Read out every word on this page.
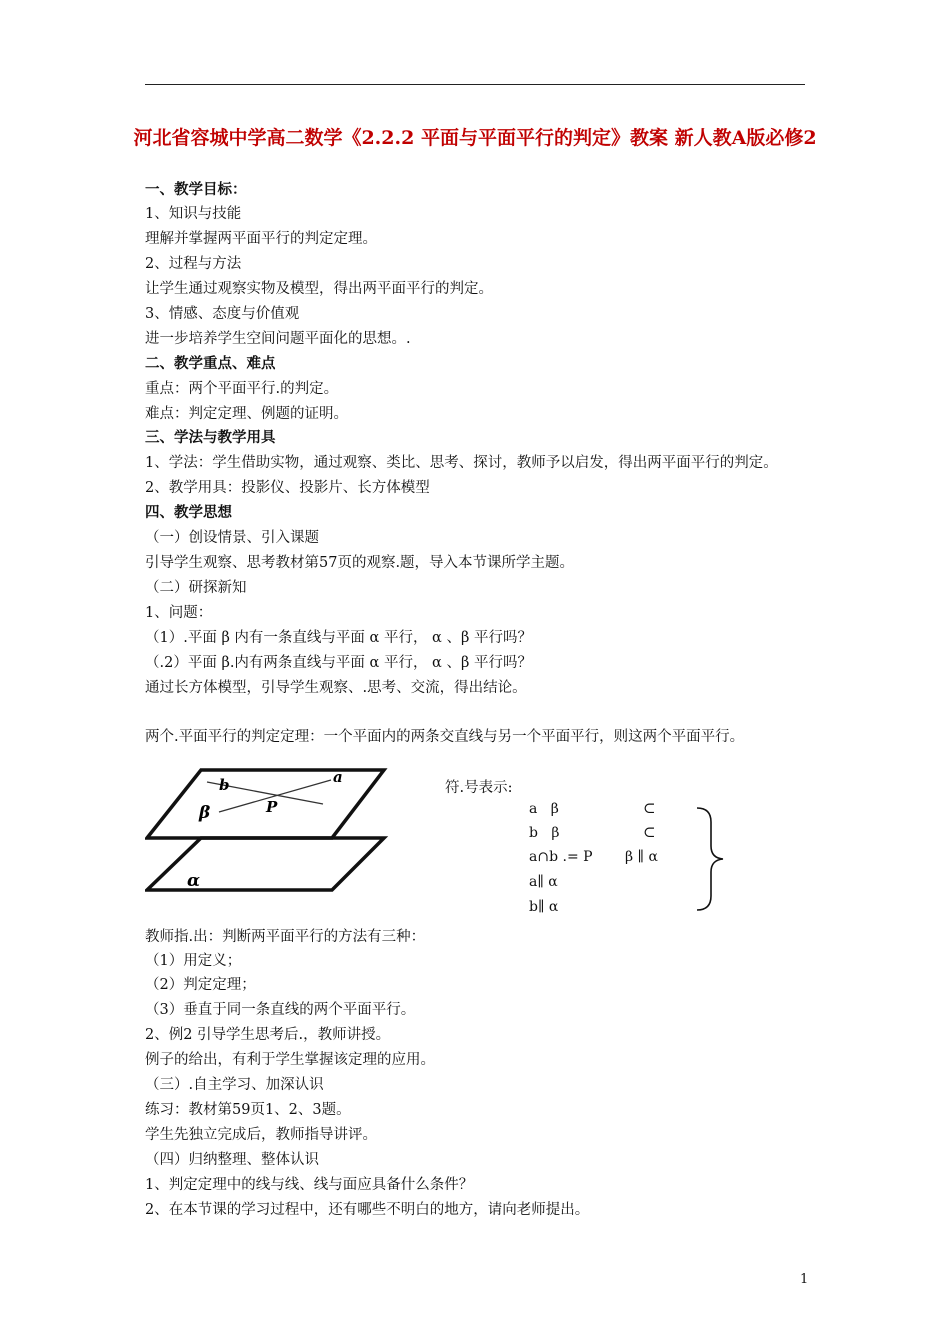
河北省容城中学高二数学《2.2.2 平面与平面平行的判定》教案 新人教A版必修2
一、教学目标：
1、知识与技能
理解并掌握两平面平行的判定定理。
2、过程与方法
让学生通过观察实物及模型，得出两平面平行的判定。
3、情感、态度与价值观
进一步培养学生空间问题平面化的思想。.
二、教学重点、难点
重点：两个平面平行.的判定。
难点：判定定理、例题的证明。
三、学法与教学用具
1、学法：学生借助实物，通过观察、类比、思考、探讨，教师予以启发，得出两平面平行的判定。
2、教学用具：投影仪、投影片、长方体模型
四、教学思想
（一）创设情景、引入课题
引导学生观察、思考教材第57页的观察.题，导入本节课所学主题。
（二）研探新知
1、问题：
（1）.平面 β 内有一条直线与平面 α 平行， α 、β 平行吗？
（.2）平面 β.内有两条直线与平面 α 平行， α 、β 平行吗？
通过长方体模型，引导学生观察、.思考、交流，得出结论。
两个.平面平行的判定定理：一个平面内的两条交直线与另一个平面平行，则这两个平面平行。
教师指.出：判断两平面平行的方法有三种：
（1）用定义；
（2）判定定理；
（3）垂直于同一条直线的两个平面平行。
2、例2 引导学生思考后.，教师讲授。
例子的给出，有利于学生掌握该定理的应用。
（三）.自主学习、加深认识
练习：教材第59页1、2、3题。
学生先独立完成后，教师指导讲评。
（四）归纳整理、整体认识
1、判定定理中的线与线、线与面应具备什么条件？
2、在本节课的学习过程中，还有哪些不明白的地方，请向老师提出。
a
b
β	P
α
符.号表示:
a   β
b   β
a∩b .= P
a∥ α
b∥ α
⊂
⊂
β ∥ α
1
